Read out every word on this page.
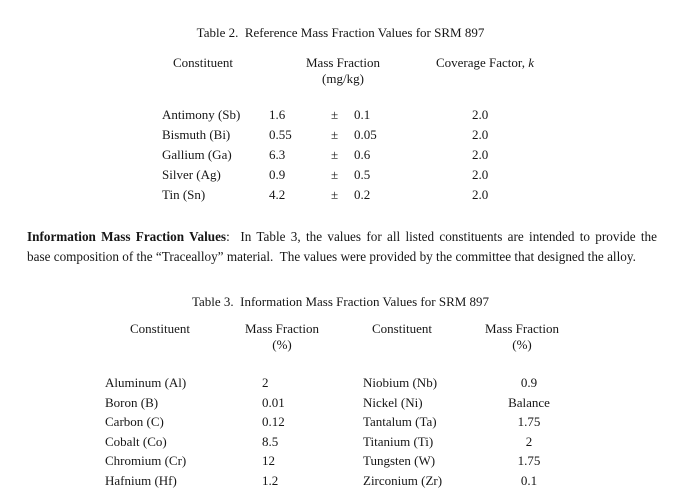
Table 2.  Reference Mass Fraction Values for SRM 897
Constituent	Mass Fraction
(mg/kg)
Coverage Factor, k
Antimony (Sb) 1.6	± 0.1	2.0
Bismuth (Bi)	0.55	± 0.05	2.0
Gallium (Ga)	6.3	± 0.6	2.0
Silver (Ag)	0.9	± 0.5	2.0
Tin (Sn)	4.2	± 0.2	2.0
Information Mass Fraction Values:  In Table 3, the values for all listed constituents are intended to provide the
base composition of the “Tracealloy” material.  The values were provided by the committee that designed the alloy.
Table 3.  Information Mass Fraction Values for SRM 897
Constituent	Mass Fraction
(%)
Constituent	Mass Fraction
(%)
Aluminum (Al)	2	Niobium (Nb)	0.9
Boron (B)	0.01	Nickel (Ni)	Balance
Carbon (C)	0.12	Tantalum (Ta)	1.75
Cobalt (Co)	8.5	Titanium (Ti)	2
Chromium (Cr)	12	Tungsten (W)	1.75
Hafnium (Hf)	1.2	Zirconium (Zr)	0.1
